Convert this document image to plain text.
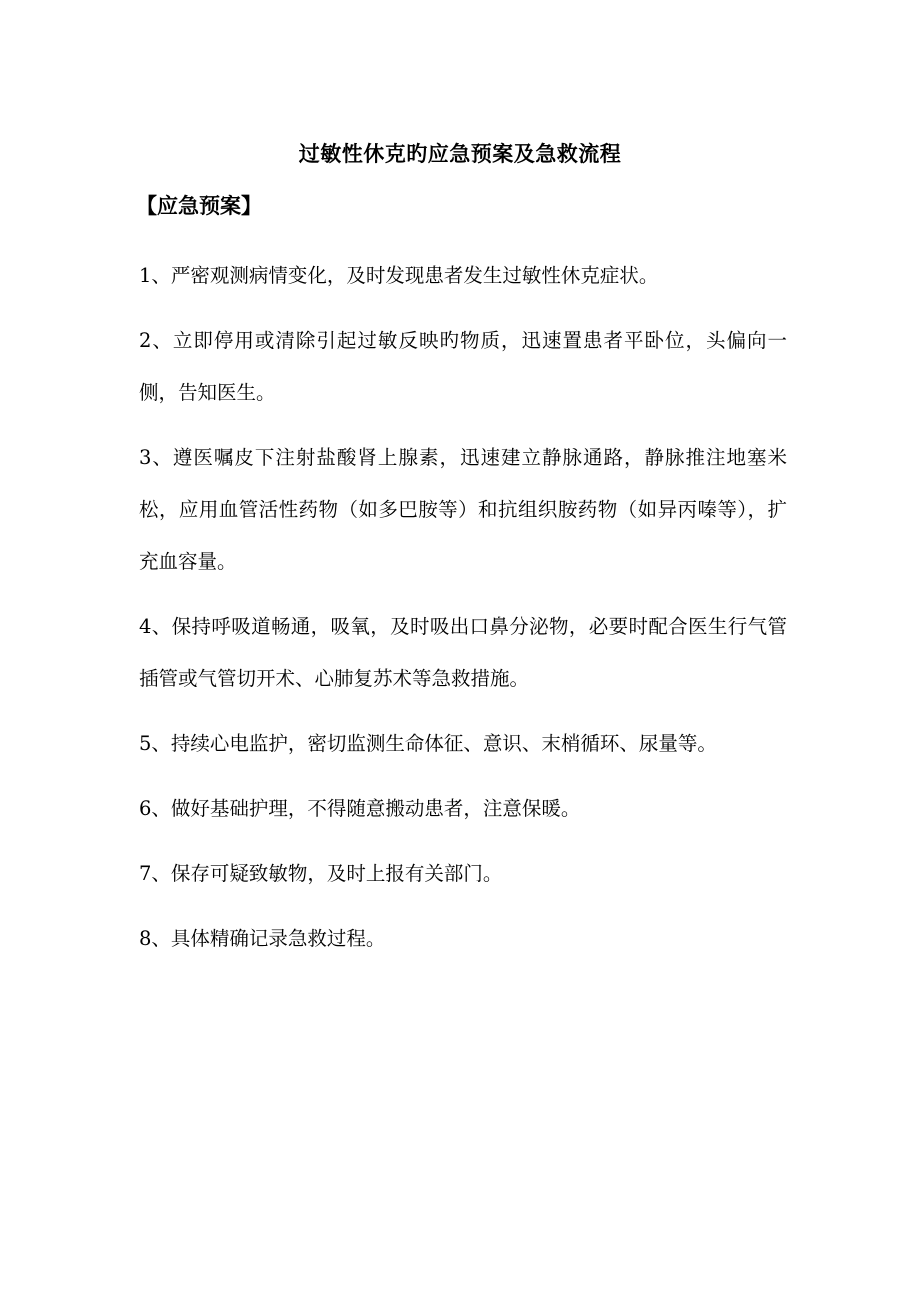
过敏性休克旳应急预案及急救流程
【应急预案】

1、严密观测病情变化，及时发现患者发生过敏性休克症状。

2、立即停用或清除引起过敏反映旳物质，迅速置患者平卧位，头偏向一侧，告知医生。

3、遵医嘱皮下注射盐酸肾上腺素，迅速建立静脉通路，静脉推注地塞米松，应用血管活性药物（如多巴胺等）和抗组织胺药物（如异丙嗪等），扩充血容量。

4、保持呼吸道畅通，吸氧，及时吸出口鼻分泌物，必要时配合医生行气管插管或气管切开术、心肺复苏术等急救措施。

5、持续心电监护，密切监测生命体征、意识、末梢循环、尿量等。

6、做好基础护理，不得随意搬动患者，注意保暖。

7、保存可疑致敏物，及时上报有关部门。

8、具体精确记录急救过程。
